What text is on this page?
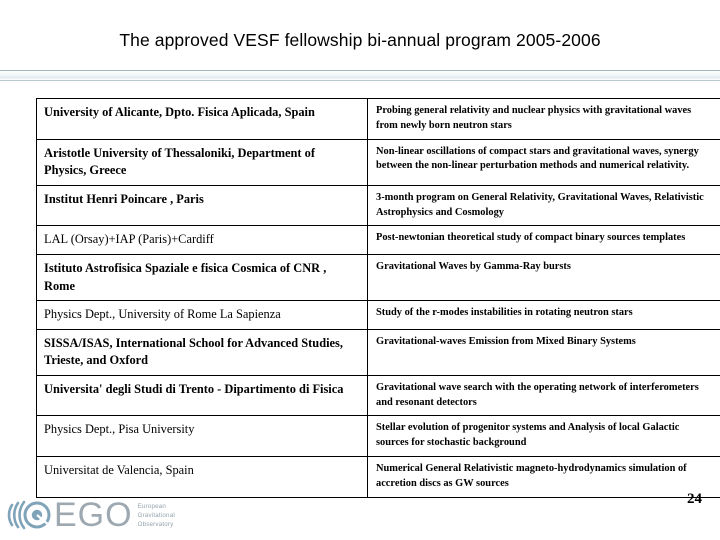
The approved VESF fellowship bi-annual program 2005-2006
University of Alicante, Dpto. Fisica Aplicada, Spain	Probing general relativity and nuclear physics with gravitational waves from newly born neutron stars
Aristotle University of Thessaloniki, Department of Physics, Greece	Non-linear oscillations of compact stars and gravitational waves, synergy between the non-linear perturbation methods and numerical relativity.
Institut Henri Poincare , Paris	3-month program on General Relativity, Gravitational Waves, Relativistic Astrophysics and Cosmology
LAL (Orsay)+IAP (Paris)+Cardiff	Post-newtonian theoretical study of compact binary sources templates
Istituto Astrofisica Spaziale e fisica Cosmica of CNR , Rome	Gravitational Waves by Gamma-Ray bursts
Physics Dept., University of Rome La Sapienza	Study of the r-modes instabilities in rotating neutron stars
SISSA/ISAS, International School for Advanced Studies, Trieste, and Oxford	Gravitational-waves Emission from Mixed Binary Systems
Universita' degli Studi di Trento - Dipartimento di Fisica	Gravitational wave search with the operating network of interferometers and resonant detectors
Physics Dept., Pisa University	Stellar evolution of progenitor systems and Analysis of local Galactic sources for stochastic background
Universitat de Valencia, Spain	Numerical General Relativistic magneto-hydrodynamics simulation of accretion discs as GW sources
EGO European
Gravitational
Observatory
24
